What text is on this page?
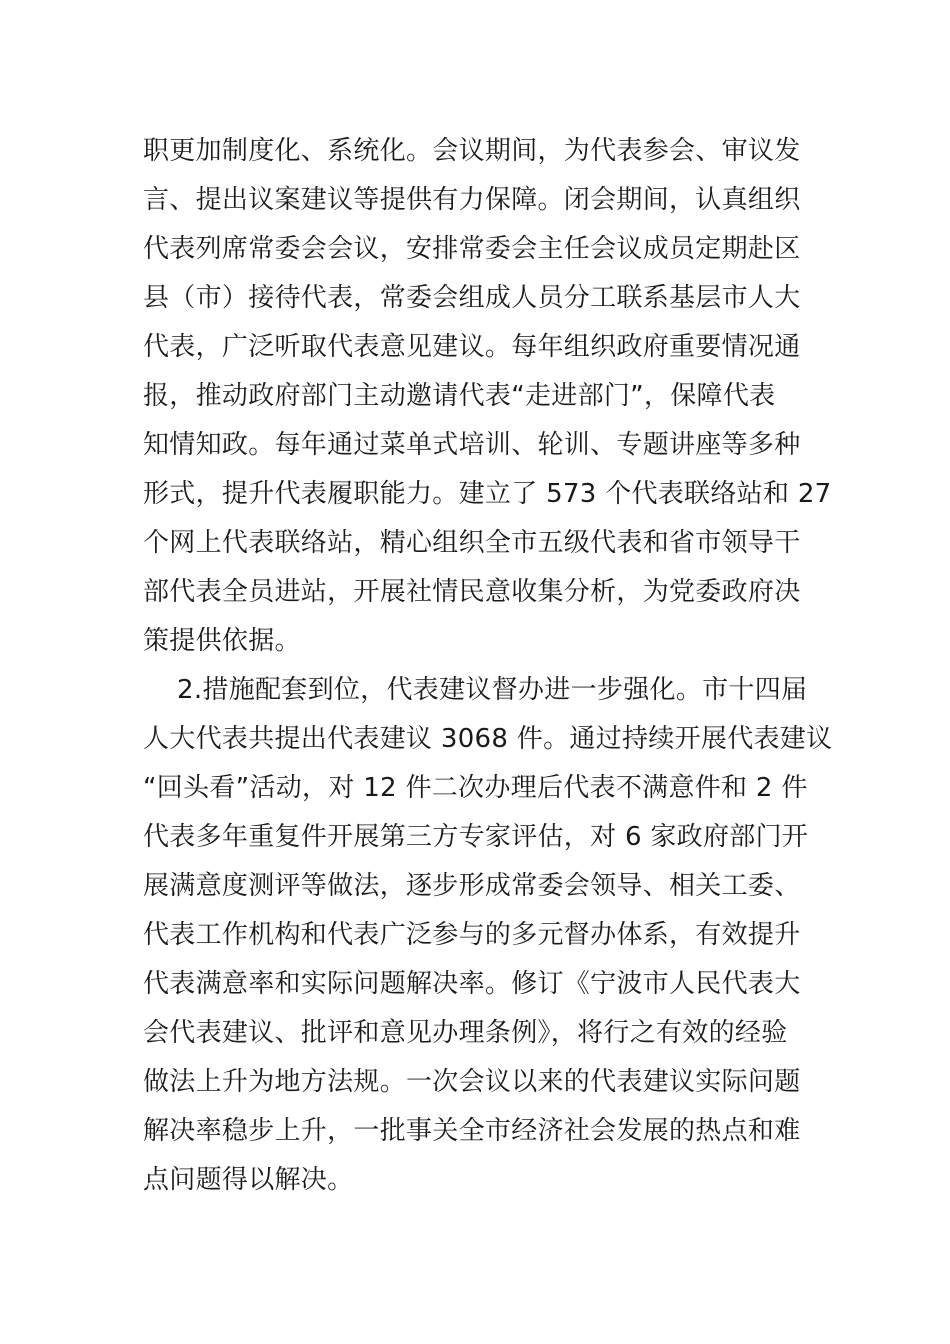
职更加制度化、系统化。会议期间，为代表参会、审议发
言、提出议案建议等提供有力保障。闭会期间，认真组织
代表列席常委会会议，安排常委会主任会议成员定期赴区
县（市）接待代表，常委会组成人员分工联系基层市人大
代表，广泛听取代表意见建议。每年组织政府重要情况通
报，推动政府部门主动邀请代表“走进部门”，保障代表
知情知政。每年通过菜单式培训、轮训、专题讲座等多种
形式，提升代表履职能力。建立了 573 个代表联络站和 27
个网上代表联络站，精心组织全市五级代表和省市领导干
部代表全员进站，开展社情民意收集分析，为党委政府决
策提供依据。
2.措施配套到位，代表建议督办进一步强化。市十四届
人大代表共提出代表建议 3068 件。通过持续开展代表建议
“回头看”活动，对 12 件二次办理后代表不满意件和 2 件
代表多年重复件开展第三方专家评估，对 6 家政府部门开
展满意度测评等做法，逐步形成常委会领导、相关工委、
代表工作机构和代表广泛参与的多元督办体系，有效提升
代表满意率和实际问题解决率。修订《宁波市人民代表大
会代表建议、批评和意见办理条例》，将行之有效的经验
做法上升为地方法规。一次会议以来的代表建议实际问题
解决率稳步上升，一批事关全市经济社会发展的热点和难
点问题得以解决。
